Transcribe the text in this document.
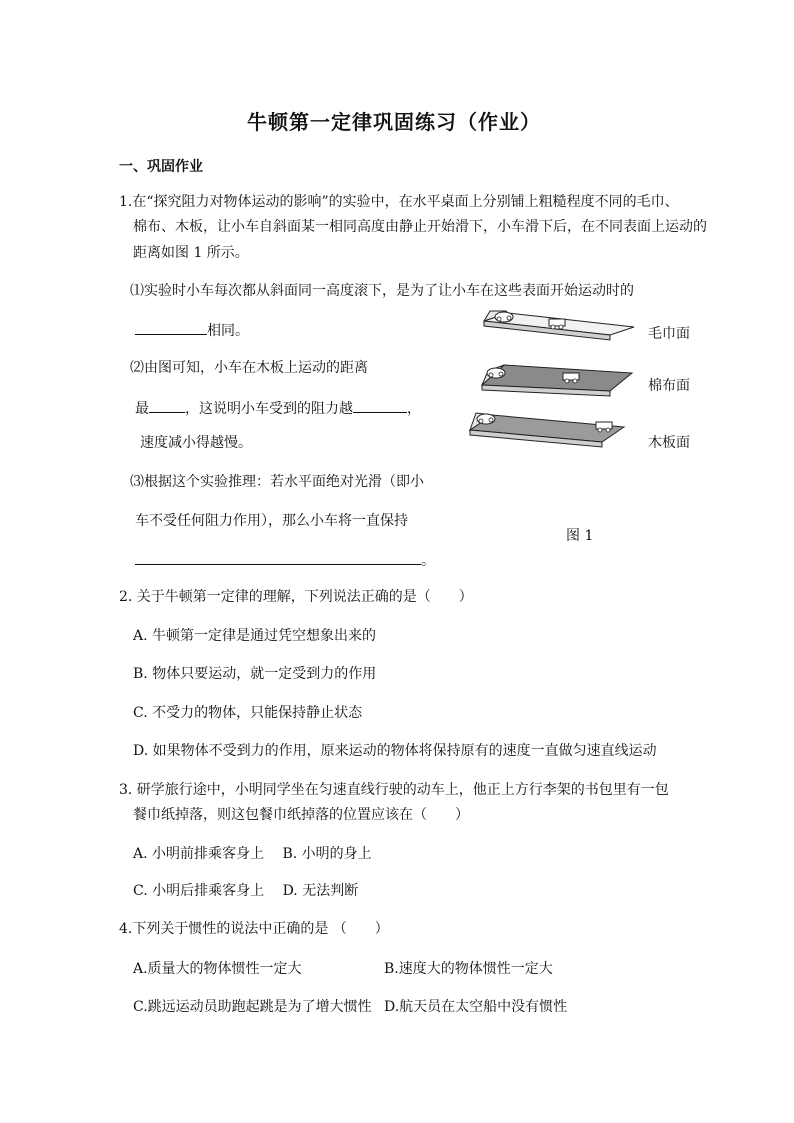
牛顿第一定律巩固练习（作业）
一、巩固作业
1.在“探究阻力对物体运动的影响”的实验中，在水平桌面上分别铺上粗糙程度不同的毛巾、
棉布、木板，让小车自斜面某一相同高度由静止开始滑下，小车滑下后，在不同表面上运动的
距离如图 1 所示。
⑴实验时小车每次都从斜面同一高度滚下，是为了让小车在这些表面开始运动时的
相同。
⑵由图可知，小车在木板上运动的距离
最	，这说明小车受到的阻力越	，
速度减小得越慢。
⑶根据这个实验推理：若水平面绝对光滑（即小
车不受任何阻力作用），那么小车将一直保持
。
毛巾面
棉布面
木板面
图 1
2. 关于牛顿第一定律的理解，下列说法正确的是（　　）
A. 牛顿第一定律是通过凭空想象出来的
B. 物体只要运动，就一定受到力的作用
C. 不受力的物体，只能保持静止状态
D. 如果物体不受到力的作用，原来运动的物体将保持原有的速度一直做匀速直线运动
3. 研学旅行途中，小明同学坐在匀速直线行驶的动车上，他正上方行李架的书包里有一包
餐巾纸掉落，则这包餐巾纸掉落的位置应该在（　　）
A. 小明前排乘客身上　 B. 小明的身上
C. 小明后排乘客身上　 D. 无法判断
4.下列关于惯性的说法中正确的是 （　　）
A.质量大的物体惯性一定大	B.速度大的物体惯性一定大
C.跳远运动员助跑起跳是为了增大惯性 D.航天员在太空船中没有惯性
